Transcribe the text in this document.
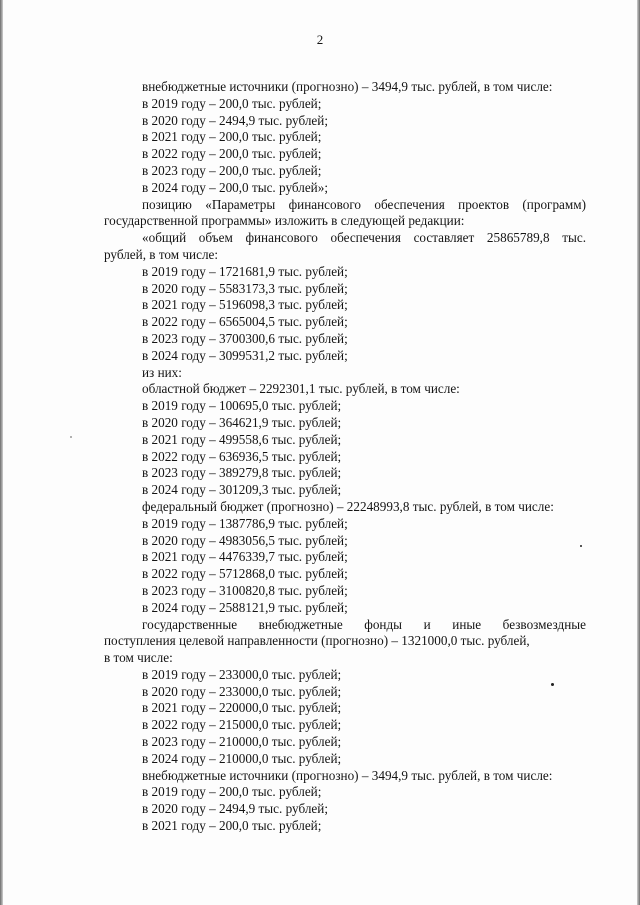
2
внебюджетные источники (прогнозно) – 3494,9 тыс. рублей, в том числе:
в 2019 году – 200,0 тыс. рублей;
в 2020 году – 2494,9 тыс. рублей;
в 2021 году – 200,0 тыс. рублей;
в 2022 году – 200,0 тыс. рублей;
в 2023 году – 200,0 тыс. рублей;
в 2024 году – 200,0 тыс. рублей»;
позицию «Параметры финансового обеспечения проектов (программ)
государственной программы» изложить в следующей редакции:
«общий объем финансового обеспечения составляет 25865789,8 тыс.
рублей, в том числе:
в 2019 году – 1721681,9 тыс. рублей;
в 2020 году – 5583173,3 тыс. рублей;
в 2021 году – 5196098,3 тыс. рублей;
в 2022 году – 6565004,5 тыс. рублей;
в 2023 году – 3700300,6 тыс. рублей;
в 2024 году – 3099531,2 тыс. рублей;
из них:
областной бюджет – 2292301,1 тыс. рублей, в том числе:
в 2019 году – 100695,0 тыс. рублей;
в 2020 году – 364621,9 тыс. рублей;
в 2021 году – 499558,6 тыс. рублей;
в 2022 году – 636936,5 тыс. рублей;
в 2023 году – 389279,8 тыс. рублей;
в 2024 году – 301209,3 тыс. рублей;
федеральный бюджет (прогнозно) – 22248993,8 тыс. рублей, в том числе:
в 2019 году – 1387786,9 тыс. рублей;
в 2020 году – 4983056,5 тыс. рублей;
в 2021 году – 4476339,7 тыс. рублей;
в 2022 году – 5712868,0 тыс. рублей;
в 2023 году – 3100820,8 тыс. рублей;
в 2024 году – 2588121,9 тыс. рублей;
государственные внебюджетные фонды и иные безвозмездные
поступления целевой направленности (прогнозно) – 1321000,0 тыс. рублей,
в том числе:
в 2019 году – 233000,0 тыс. рублей;
в 2020 году – 233000,0 тыс. рублей;
в 2021 году – 220000,0 тыс. рублей;
в 2022 году – 215000,0 тыс. рублей;
в 2023 году – 210000,0 тыс. рублей;
в 2024 году – 210000,0 тыс. рублей;
внебюджетные источники (прогнозно) – 3494,9 тыс. рублей, в том числе:
в 2019 году – 200,0 тыс. рублей;
в 2020 году – 2494,9 тыс. рублей;
в 2021 году – 200,0 тыс. рублей;
